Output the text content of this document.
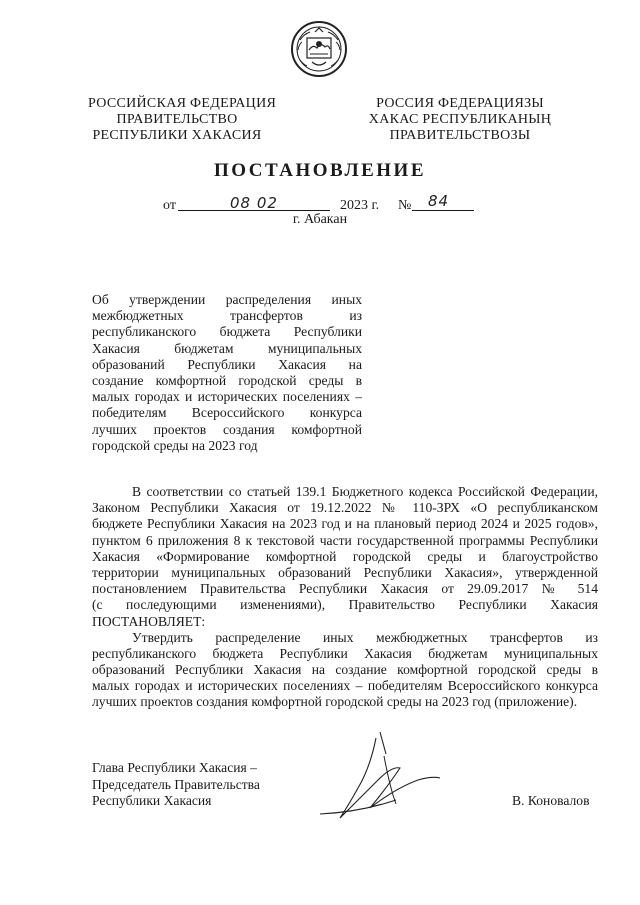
РОССИЙСКАЯ ФЕДЕРАЦИЯ
ПРАВИТЕЛЬСТВО
РЕСПУБЛИКИ ХАКАСИЯ
РОССИЯ ФЕДЕРАЦИЯЗЫ
ХАКАС РЕСПУБЛИКАНЫҢ
ПРАВИТЕЛЬСТВОЗЫ
ПОСТАНОВЛЕНИЕ
от	08 02	2023 г. № 84
г. Абакан
Об утверждении распределения иных
межбюджетных трансфертов из
республиканского бюджета Республики
Хакасия бюджетам муниципальных
образований Республики Хакасия на
создание комфортной городской среды в
малых городах и исторических поселениях –
победителям Всероссийского конкурса
лучших проектов создания комфортной
городской среды на 2023 год
В соответствии со статьей 139.1 Бюджетного кодекса Российской Федерации,
Законом Республики Хакасия от 19.12.2022 № 110-ЗРХ «О республиканском
бюджете Республики Хакасия на 2023 год и на плановый период 2024 и 2025 годов»,
пунктом 6 приложения 8 к текстовой части государственной программы Республики
Хакасия «Формирование комфортной городской среды и благоустройство
территории муниципальных образований Республики Хакасия», утвержденной
постановлением Правительства Республики Хакасия от 29.09.2017 № 514
(с последующими изменениями), Правительство Республики Хакасия
ПОСТАНОВЛЯЕТ:
Утвердить распределение иных межбюджетных трансфертов из
республиканского бюджета Республики Хакасия бюджетам муниципальных
образований Республики Хакасия на создание комфортной городской среды в
малых городах и исторических поселениях – победителям Всероссийского конкурса
лучших проектов создания комфортной городской среды на 2023 год (приложение).
Глава Республики Хакасия –
Председатель Правительства
Республики Хакасия	В. Коновалов
